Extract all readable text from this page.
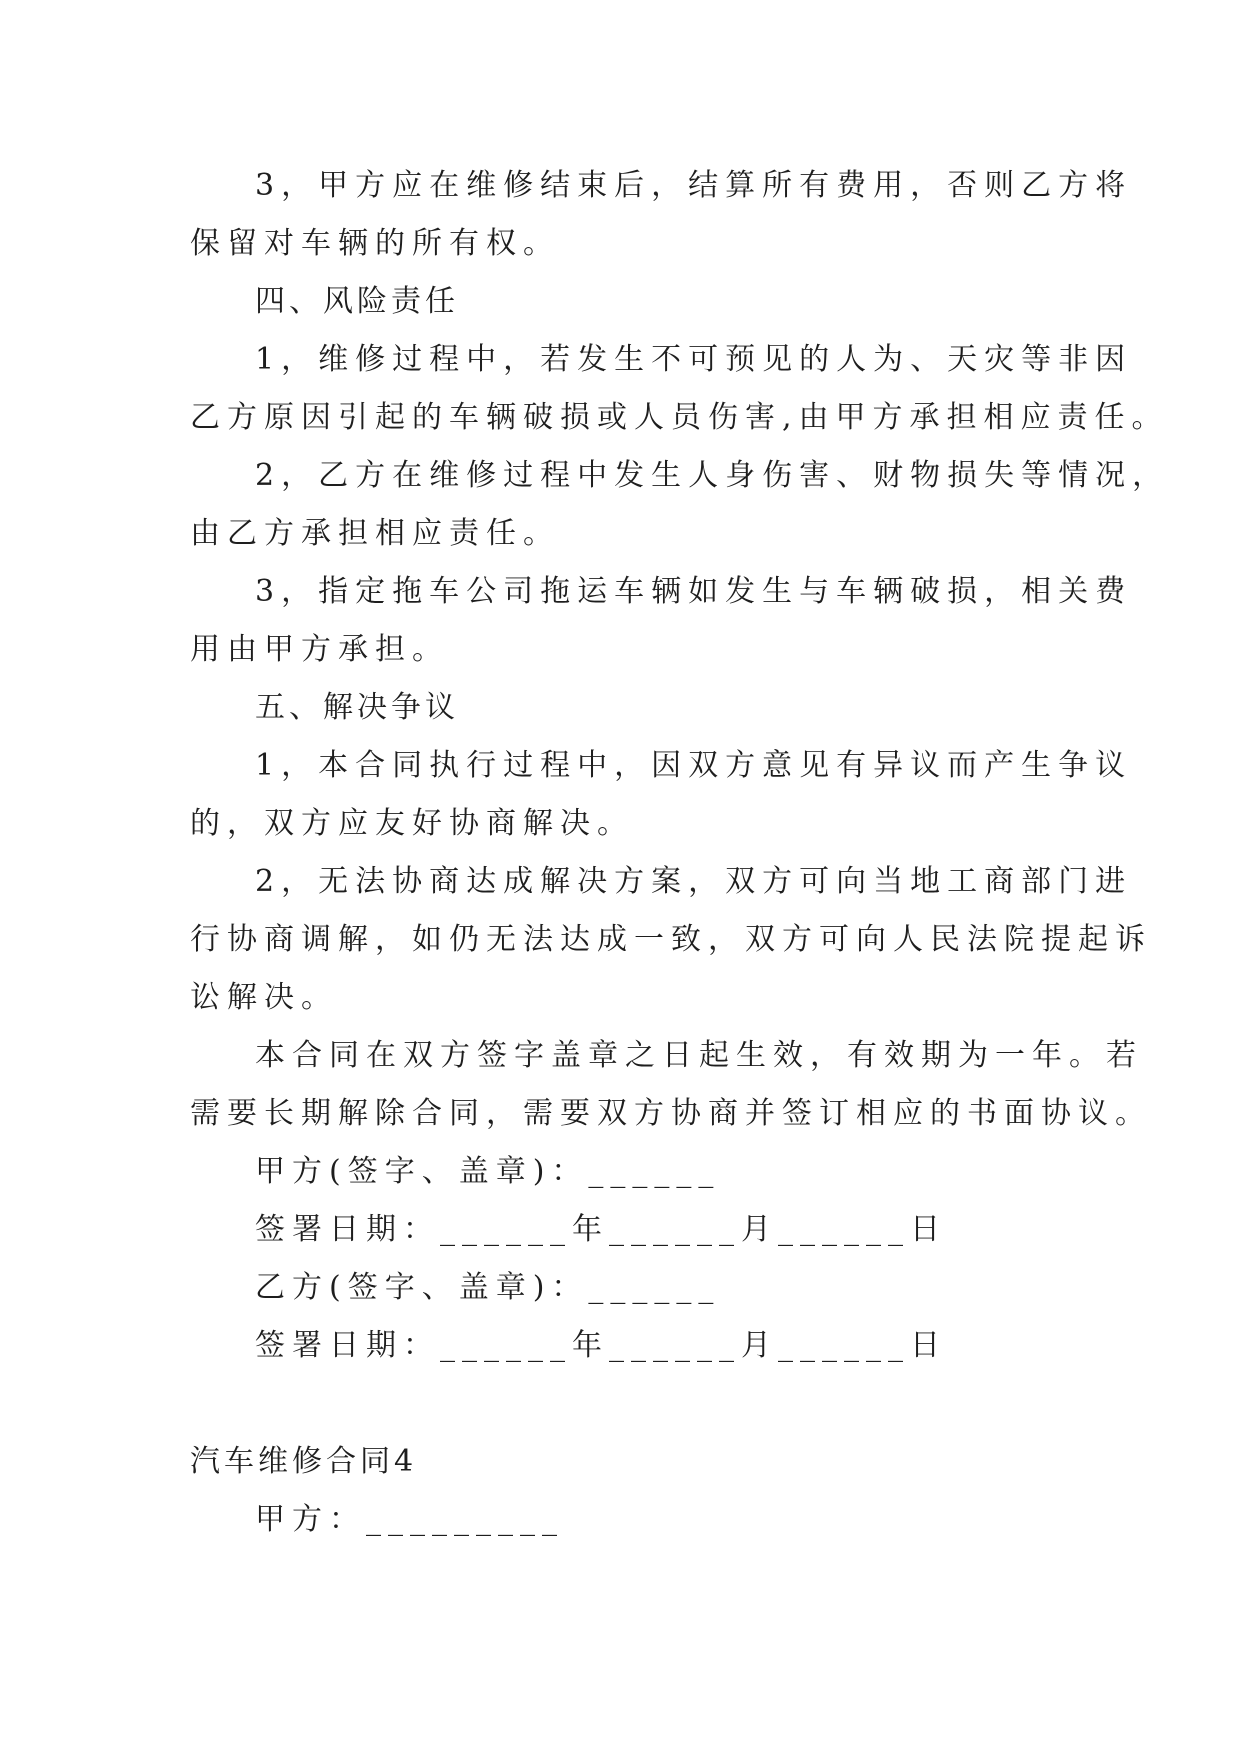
3，甲方应在维修结束后，结算所有费用，否则乙方将
保留对车辆的所有权。
四、风险责任
1，维修过程中，若发生不可预见的人为、天灾等非因
乙方原因引起的车辆破损或人员伤害,由甲方承担相应责任。
2，乙方在维修过程中发生人身伤害、财物损失等情况，
由乙方承担相应责任。
3，指定拖车公司拖运车辆如发生与车辆破损，相关费
用由甲方承担。
五、解决争议
1，本合同执行过程中，因双方意见有异议而产生争议
的，双方应友好协商解决。
2，无法协商达成解决方案，双方可向当地工商部门进
行协商调解，如仍无法达成一致，双方可向人民法院提起诉
讼解决。
本合同在双方签字盖章之日起生效，有效期为一年。若
需要长期解除合同，需要双方协商并签订相应的书面协议。
甲方(签字、盖章)：______
签署日期：______年______月______日
乙方(签字、盖章)：______
签署日期：______年______月______日
汽车维修合同4
甲方：_________
